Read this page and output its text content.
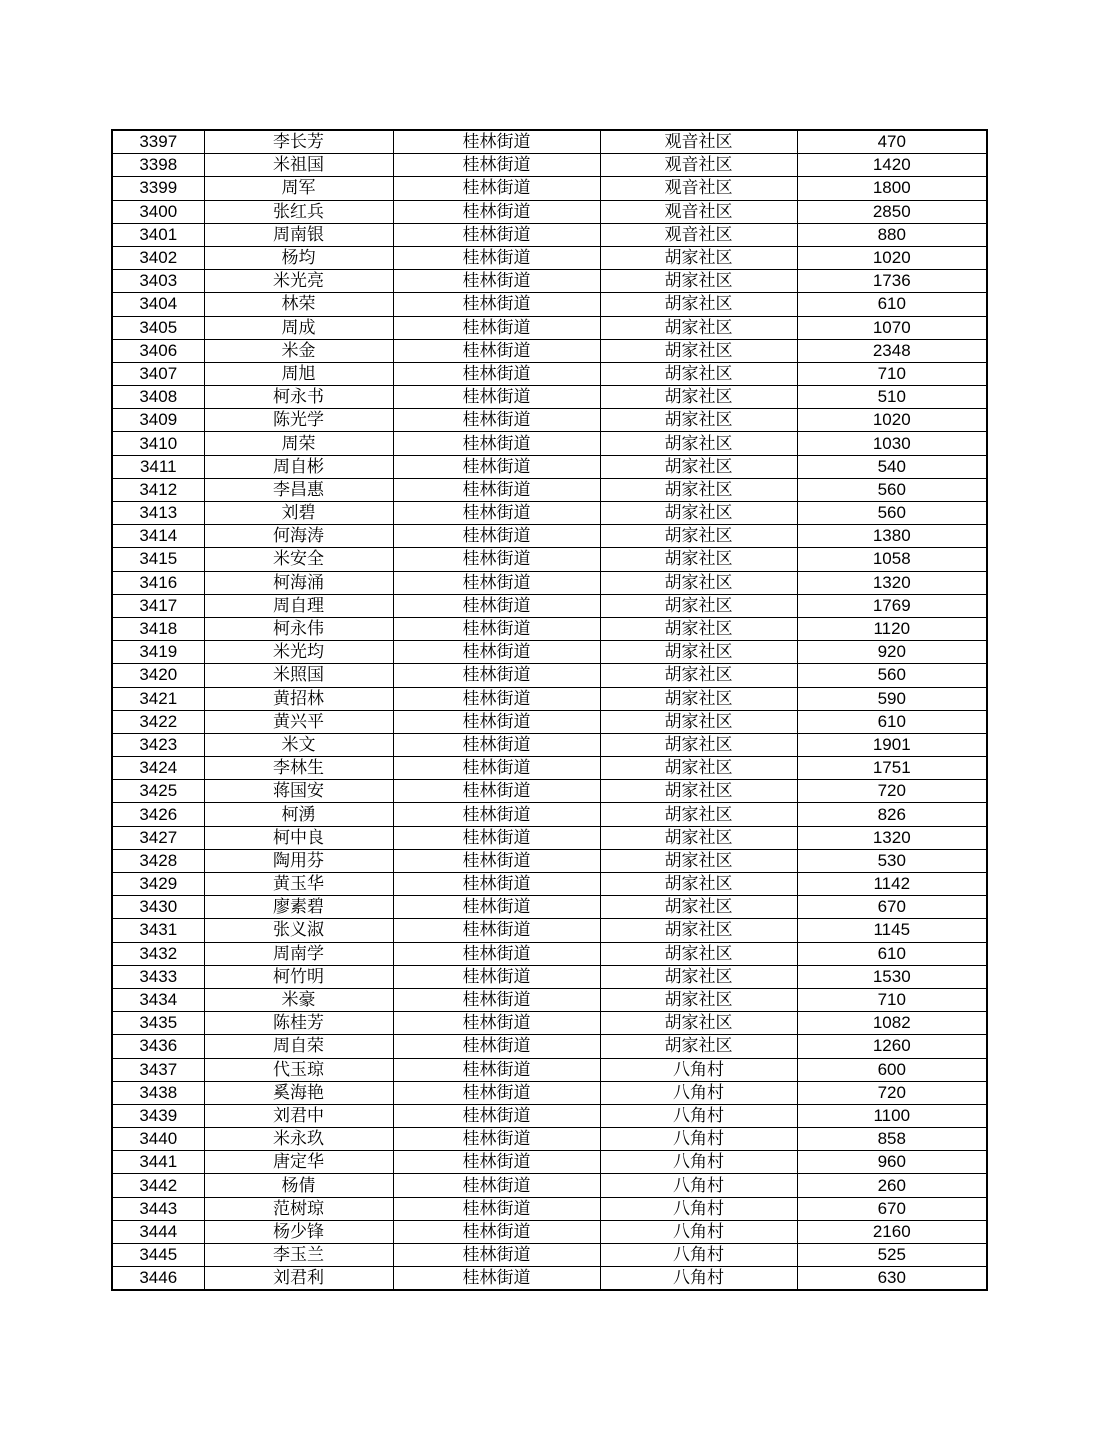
3397	李长芳	桂林街道	观音社区	470
3398	米祖国	桂林街道	观音社区	1420
3399	周军	桂林街道	观音社区	1800
3400	张红兵	桂林街道	观音社区	2850
3401	周南银	桂林街道	观音社区	880
3402	杨均	桂林街道	胡家社区	1020
3403	米光亮	桂林街道	胡家社区	1736
3404	林荣	桂林街道	胡家社区	610
3405	周成	桂林街道	胡家社区	1070
3406	米金	桂林街道	胡家社区	2348
3407	周旭	桂林街道	胡家社区	710
3408	柯永书	桂林街道	胡家社区	510
3409	陈光学	桂林街道	胡家社区	1020
3410	周荣	桂林街道	胡家社区	1030
3411	周自彬	桂林街道	胡家社区	540
3412	李昌惠	桂林街道	胡家社区	560
3413	刘碧	桂林街道	胡家社区	560
3414	何海涛	桂林街道	胡家社区	1380
3415	米安全	桂林街道	胡家社区	1058
3416	柯海涌	桂林街道	胡家社区	1320
3417	周自理	桂林街道	胡家社区	1769
3418	柯永伟	桂林街道	胡家社区	1120
3419	米光均	桂林街道	胡家社区	920
3420	米照国	桂林街道	胡家社区	560
3421	黄招林	桂林街道	胡家社区	590
3422	黄兴平	桂林街道	胡家社区	610
3423	米文	桂林街道	胡家社区	1901
3424	李林生	桂林街道	胡家社区	1751
3425	蒋国安	桂林街道	胡家社区	720
3426	柯湧	桂林街道	胡家社区	826
3427	柯中良	桂林街道	胡家社区	1320
3428	陶用芬	桂林街道	胡家社区	530
3429	黄玉华	桂林街道	胡家社区	1142
3430	廖素碧	桂林街道	胡家社区	670
3431	张义淑	桂林街道	胡家社区	1145
3432	周南学	桂林街道	胡家社区	610
3433	柯竹明	桂林街道	胡家社区	1530
3434	米豪	桂林街道	胡家社区	710
3435	陈桂芳	桂林街道	胡家社区	1082
3436	周自荣	桂林街道	胡家社区	1260
3437	代玉琼	桂林街道	八角村	600
3438	奚海艳	桂林街道	八角村	720
3439	刘君中	桂林街道	八角村	1100
3440	米永玖	桂林街道	八角村	858
3441	唐定华	桂林街道	八角村	960
3442	杨倩	桂林街道	八角村	260
3443	范树琼	桂林街道	八角村	670
3444	杨少锋	桂林街道	八角村	2160
3445	李玉兰	桂林街道	八角村	525
3446	刘君利	桂林街道	八角村	630
